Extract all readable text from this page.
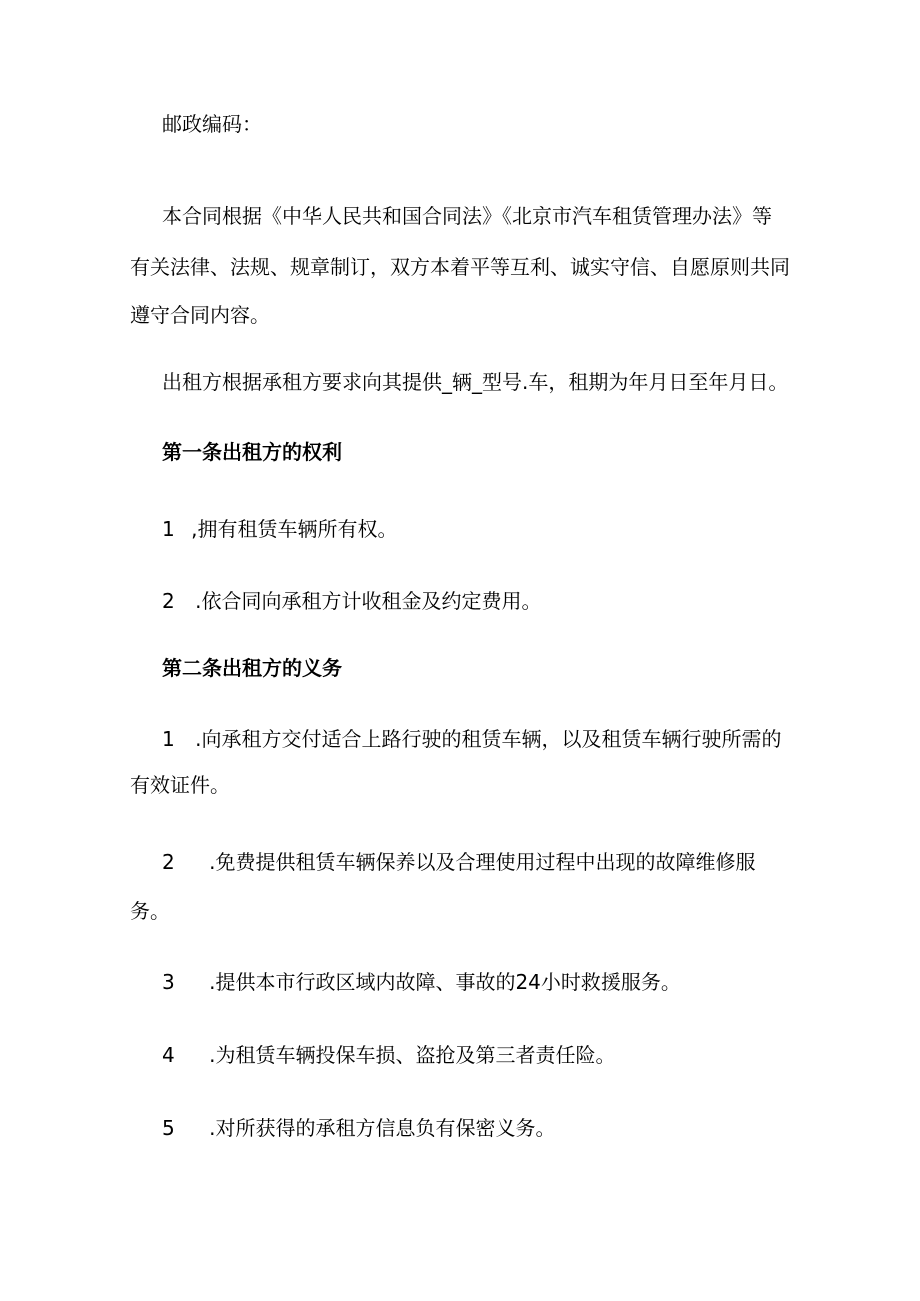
邮政编码：

本合同根据《中华人民共和国合同法》《北京市汽车租赁管理办法》等

有关法律、法规、规章制订，双方本着平等互利、诚实守信、自愿原则共同

遵守合同内容。

出租方根据承租方要求向其提供_辆_型号.车，租期为年月日至年月日。

第一条出租方的权利

1 ,拥有租赁车辆所有权。
2 .依合同向承租方计收租金及约定费用。

第二条出租方的义务

1 .向承租方交付适合上路行驶的租赁车辆，以及租赁车辆行驶所需的

有效证件。

2 .免费提供租赁车辆保养以及合理使用过程中出现的故障维修服

务。

3 .提供本市行政区域内故障、事故的24小时救援服务。
4 .为租赁车辆投保车损、盗抢及第三者责任险。
5 .对所获得的承租方信息负有保密义务。
